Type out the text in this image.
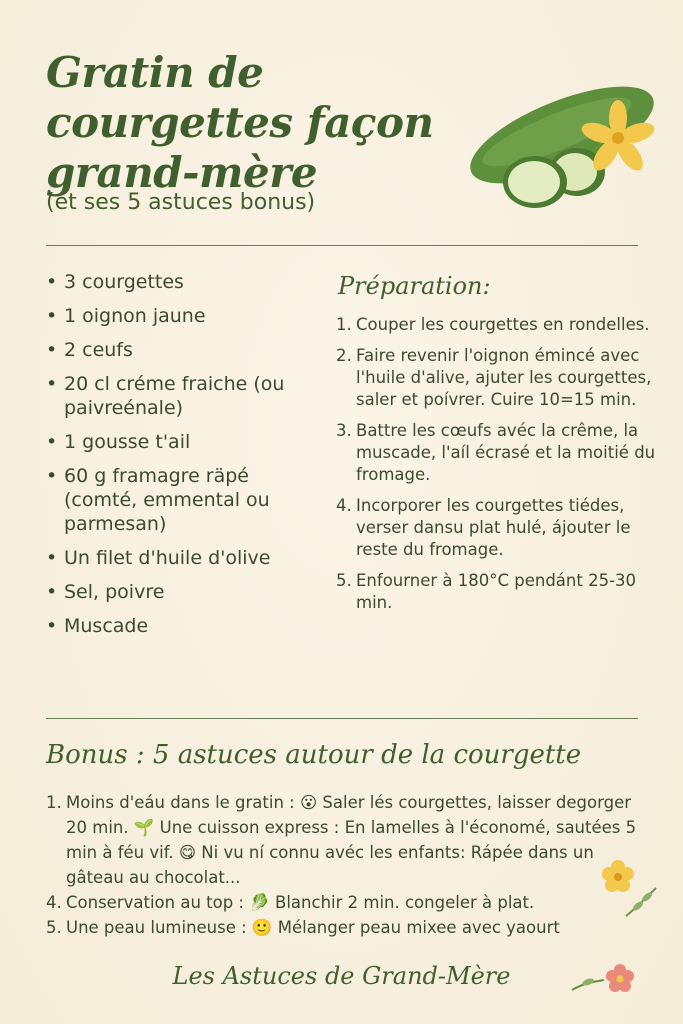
Gratin de courgettes façon grand-mère
(et ses 5 astuces bonus)
• 3 courgettes
• 1 oignon jaune
• 2 ceufs
• 20 cl créme fraiche (ou paivreénale)
• 1 gousse t'ail
• 60 g framagre räpé (comté, emmental ou parmesan)
• Un filet d'huile d'olive
• Sel, poivre
• Muscade
Préparation:
1. Couper les courgettes en rondelles.
2. Faire revenir l'oignon éminсé avec l'huile d'alive, ajuter les courgettes, saler et poívrer. Cuire 10=15 min.
3. Battre les cœufs avéc la crême, la muscade, l'aíl écrasé et la moitié du fromage.
4. Incorporer les courgettes tiédes, verser dansu plat hulé, ájouter le reste du fromage.
5. Enfourner à 180°C pendánt 25-30 min.
Bonus : 5 astuces autour de la courgette
1. Moins d'eáu dans le gratin : 😮 Saler lés courgettes, laisser degorger 20 min. 🌱 Une cuisson express : En lamelles à l'économé, sautées 5 min à féu vif. 😋 Ni vu ní connu avéc les enfants: Rápée dans un gâteau au chocolat...
4. Conservation au top : 🥬 Blanchir 2 min. congeler à plat.
5. Une peau lumineuse : 🙂 Mélanger peau mixee avec yaourt
Les Astuces de Grand-Mère
